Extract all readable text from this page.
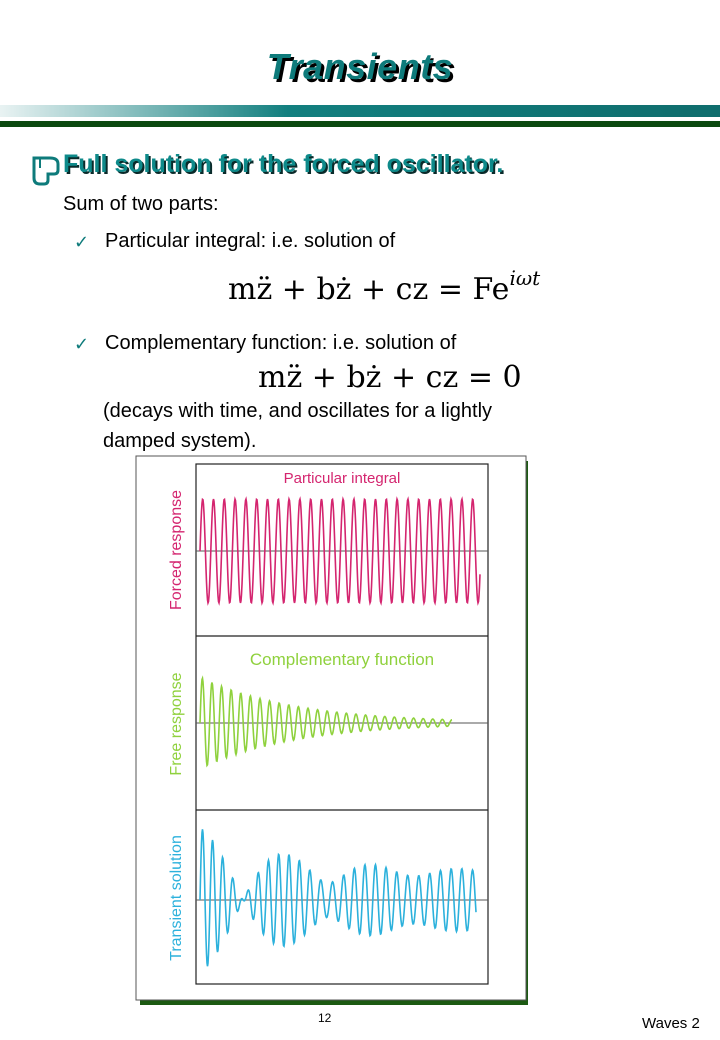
Transients
Full solution for the forced oscillator.
Sum of two parts:
✓ Particular integral: i.e. solution of
mz̈ + bż + cz = $Fe^{i\omega t}$
✓ Complementary function: i.e. solution of
mz̈ + bż + cz = 0
(decays with time, and oscillates for a lightly
damped system).
Particular integral
Complementary function
Forced response
Free response
Transient solution
12	Waves 2
